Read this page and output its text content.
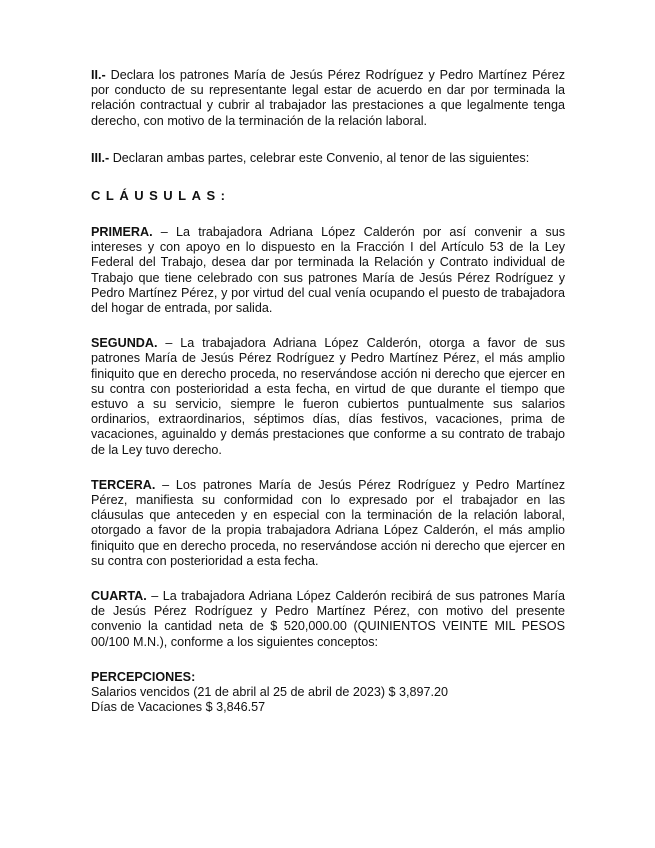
II.- Declara los patrones María de Jesús Pérez Rodríguez y Pedro Martínez Pérez por conducto de su representante legal estar de acuerdo en dar por terminada la relación contractual y cubrir al trabajador las prestaciones a que legalmente tenga derecho, con motivo de la terminación de la relación laboral.

III.- Declaran ambas partes, celebrar este Convenio, al tenor de las siguientes:

CLÁUSULAS:

PRIMERA. – La trabajadora Adriana López Calderón por así convenir a sus intereses y con apoyo en lo dispuesto en la Fracción I del Artículo 53 de la Ley Federal del Trabajo, desea dar por terminada la Relación y Contrato individual de Trabajo que tiene celebrado con sus patrones María de Jesús Pérez Rodríguez y Pedro Martínez Pérez, y por virtud del cual venía ocupando el puesto de trabajadora del hogar de entrada, por salida.

SEGUNDA. – La trabajadora Adriana López Calderón, otorga a favor de sus patrones María de Jesús Pérez Rodríguez y Pedro Martínez Pérez, el más amplio finiquito que en derecho proceda, no reservándose acción ni derecho que ejercer en su contra con posterioridad a esta fecha, en virtud de que durante el tiempo que estuvo a su servicio, siempre le fueron cubiertos puntualmente sus salarios ordinarios, extraordinarios, séptimos días, días festivos, vacaciones, prima de vacaciones, aguinaldo y demás prestaciones que conforme a su contrato de trabajo de la Ley tuvo derecho.

TERCERA. – Los patrones María de Jesús Pérez Rodríguez y Pedro Martínez Pérez, manifiesta su conformidad con lo expresado por el trabajador en las cláusulas que anteceden y en especial con la terminación de la relación laboral, otorgado a favor de la propia trabajadora Adriana López Calderón, el más amplio finiquito que en derecho proceda, no reservándose acción ni derecho que ejercer en su contra con posterioridad a esta fecha.

CUARTA. – La trabajadora Adriana López Calderón recibirá de sus patrones María de Jesús Pérez Rodríguez y Pedro Martínez Pérez, con motivo del presente convenio la cantidad neta de $ 520,000.00 (QUINIENTOS VEINTE MIL PESOS 00/100 M.N.), conforme a los siguientes conceptos:

PERCEPCIONES:

Salarios vencidos (21 de abril al 25 de abril de 2023) $ 3,897.20

Días de Vacaciones $ 3,846.57
